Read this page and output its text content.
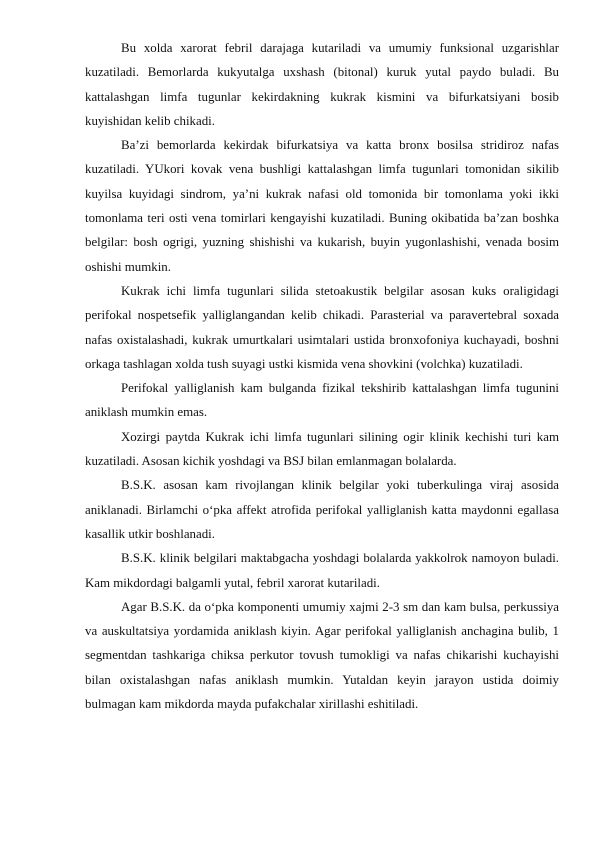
Bu xolda xarorat febril darajaga kutariladi va umumiy funksional uzgarishlar kuzatiladi. Bemorlarda kukyutalga uxshash (bitonal) kuruk yutal paydo buladi. Bu kattalashgan limfa tugunlar kekirdakning kukrak kismini va bifurkatsiyani bosib kuyishidan kelib chikadi.

Ba’zi bemorlarda kekirdak bifurkatsiya va katta bronx bosilsa stridiroz nafas kuzatiladi. YUkori kovak vena bushligi kattalashgan limfa tugunlari tomonidan sikilib kuyilsa kuyidagi sindrom, ya’ni kukrak nafasi old tomonida bir tomonlama yoki ikki tomonlama teri osti vena tomirlari kengayishi kuzatiladi. Buning okibatida ba’zan boshka belgilar: bosh ogrigi, yuzning shishishi va kukarish, buyin yugonlashishi, venada bosim oshishi mumkin.

Kukrak ichi limfa tugunlari silida stetoakustik belgilar asosan kuks oraligidagi perifokal nospetsefik yalliglangandan kelib chikadi. Parasterial va paravertebral soxada nafas oxistalashadi, kukrak umurtkalari usimtalari ustida bronxofoniya kuchayadi, boshni orkaga tashlagan xolda tush suyagi ustki kismida vena shovkini (volchka) kuzatiladi.

Perifokal yalliglanish kam bulganda fizikal tekshirib kattalashgan limfa tugunini aniklash mumkin emas.

Xozirgi paytda Kukrak ichi limfa tugunlari silining ogir klinik kechishi turi kam kuzatiladi. Asosan kichik yoshdagi va BSJ bilan emlanmagan bolalarda.

B.S.K. asosan kam rivojlangan klinik belgilar yoki tuberkulinga viraj asosida aniklanadi. Birlamchi o‘pka affekt atrofida perifokal yalliglanish katta maydonni egallasa kasallik utkir boshlanadi.

B.S.K. klinik belgilari maktabgacha yoshdagi bolalarda yakkolrok namoyon buladi. Kam mikdordagi balgamli yutal, febril xarorat kutariladi.

Agar B.S.K. da o‘pka komponenti umumiy xajmi 2-3 sm dan kam bulsa, perkussiya va auskultatsiya yordamida aniklash kiyin. Agar perifokal yalliglanish anchagina bulib, 1 segmentdan tashkariga chiksa perkutor tovush tumokligi va nafas chikarishi kuchayishi bilan oxistalashgan nafas aniklash mumkin. Yutaldan keyin jarayon ustida doimiy bulmagan kam mikdorda mayda pufakchalar xirillashi eshitiladi.
